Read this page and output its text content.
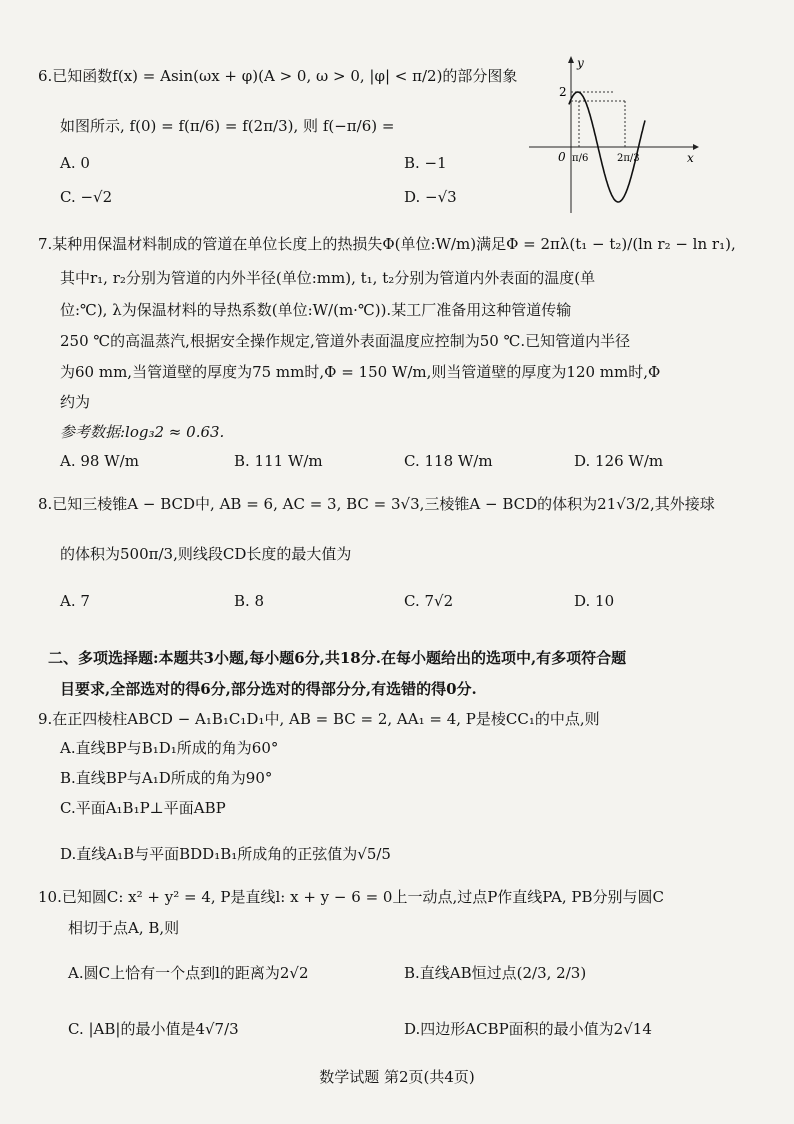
6.已知函数f(x) = Asin(ωx + φ)(A > 0, ω > 0, |φ| < π/2)的部分图象
如图所示, f(0) = f(π/6) = f(2π/3), 则 f(−π/6) =
A. 0	B. −1
C. −√2	D. −√3
x
y
2
0 π/6	2π/3
7.某种用保温材料制成的管道在单位长度上的热损失Φ(单位:W/m)满足Φ = 2πλ(t₁ − t₂)/(ln r₂ − ln r₁),
其中r₁, r₂分别为管道的内外半径(单位:mm), t₁, t₂分别为管道内外表面的温度(单
位:℃), λ为保温材料的导热系数(单位:W/(m·℃)).某工厂准备用这种管道传输
250 ℃的高温蒸汽,根据安全操作规定,管道外表面温度应控制为50 ℃.已知管道内半径
为60 mm,当管道壁的厚度为75 mm时,Φ = 150 W/m,则当管道壁的厚度为120 mm时,Φ
约为
参考数据:log₃2 ≈ 0.63.
A. 98 W/m	B. 111 W/m	C. 118 W/m	D. 126 W/m
8.已知三棱锥A − BCD中, AB = 6, AC = 3, BC = 3√3,三棱锥A − BCD的体积为21√3/2,其外接球
的体积为500π/3,则线段CD长度的最大值为
A. 7	B. 8	C. 7√2	D. 10
二、多项选择题:本题共3小题,每小题6分,共18分.在每小题给出的选项中,有多项符合题
目要求,全部选对的得6分,部分选对的得部分分,有选错的得0分.
9.在正四棱柱ABCD − A₁B₁C₁D₁中, AB = BC = 2, AA₁ = 4, P是棱CC₁的中点,则
A.直线BP与B₁D₁所成的角为60°
B.直线BP与A₁D所成的角为90°
C.平面A₁B₁P⊥平面ABP
D.直线A₁B与平面BDD₁B₁所成角的正弦值为√5/5
10.已知圆C: x² + y² = 4, P是直线l: x + y − 6 = 0上一动点,过点P作直线PA, PB分别与圆C
相切于点A, B,则
A.圆C上恰有一个点到l的距离为2√2	B.直线AB恒过点(2/3, 2/3)
C. |AB|的最小值是4√7/3	D.四边形ACBP面积的最小值为2√14
数学试题 第2页(共4页)
